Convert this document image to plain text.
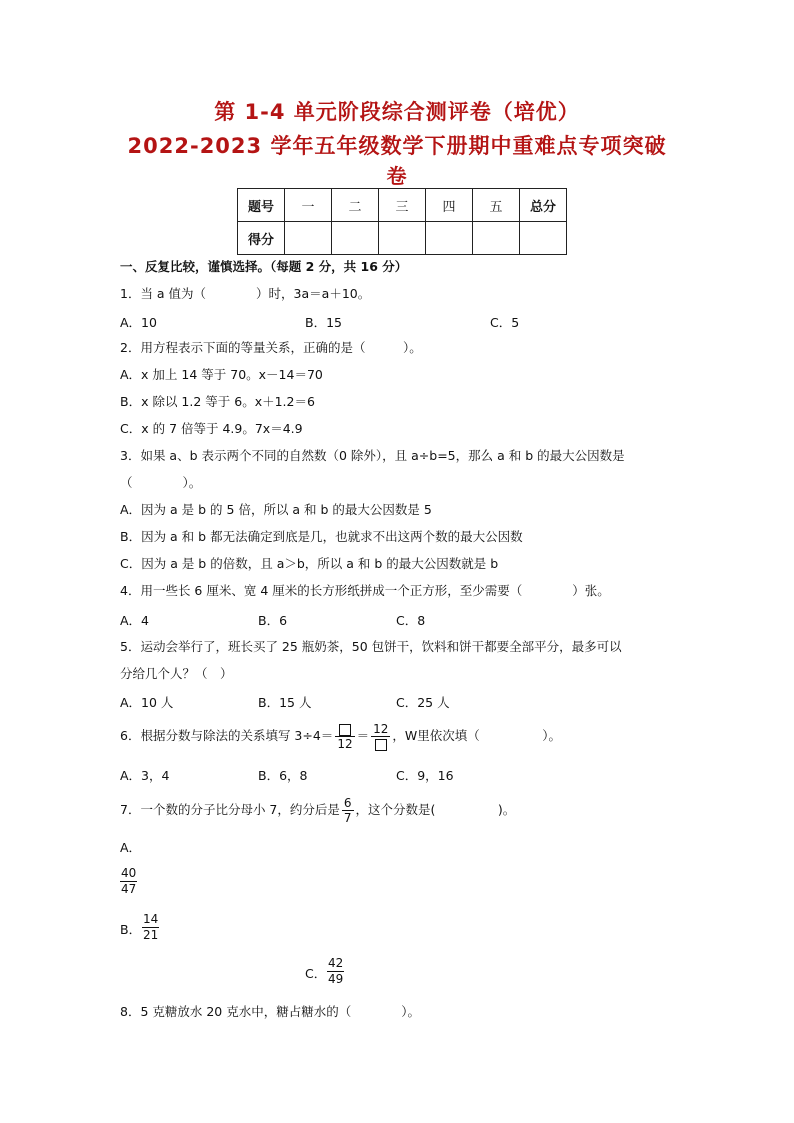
第 1-4 单元阶段综合测评卷（培优）
2022-2023 学年五年级数学下册期中重难点专项突破
卷
题号	一	二	三	四	五	总分
得分						
一、反复比较，谨慎选择。（每题 2 分，共 16 分）
1．当 a 值为（　　　　）时，3a＝a＋10。
A．10	B．15	C．5
2．用方程表示下面的等量关系，正确的是（　　　）。
A．x 加上 14 等于 70。x－14＝70
B．x 除以 1.2 等于 6。x＋1.2＝6
C．x 的 7 倍等于 4.9。7x＝4.9
3．如果 a、b 表示两个不同的自然数（0 除外），且 a÷b=5，那么 a 和 b 的最大公因数是
（　　　　）。
A．因为 a 是 b 的 5 倍，所以 a 和 b 的最大公因数是 5
B．因为 a 和 b 都无法确定到底是几，也就求不出这两个数的最大公因数
C．因为 a 是 b 的倍数，且 a＞b，所以 a 和 b 的最大公因数就是 b
4．用一些长 6 厘米、宽 4 厘米的长方形纸拼成一个正方形，至少需要（　　　　）张。
A．4	B．6	C．8
5．运动会举行了，班长买了 25 瓶奶茶，50 包饼干，饮料和饼干都要全部平分，最多可以
分给几个人？（　）
A．10 人	B．15 人	C．25 人
6．根据分数与除法的关系填写 3÷4＝
12
＝ 12 ，W里依次填（　　　　　）。
A．3，4	B．6，8	C．9，16
7．一个数的分子比分母小 7，约分后是 $\frac{6}{7}$ ，这个分数是(　　　　　)。
A．
$\frac{40}{47}$
B． $\frac{14}{21}$
C． $\frac{42}{49}$
8．5 克糖放水 20 克水中，糖占糖水的（　　　　）。
